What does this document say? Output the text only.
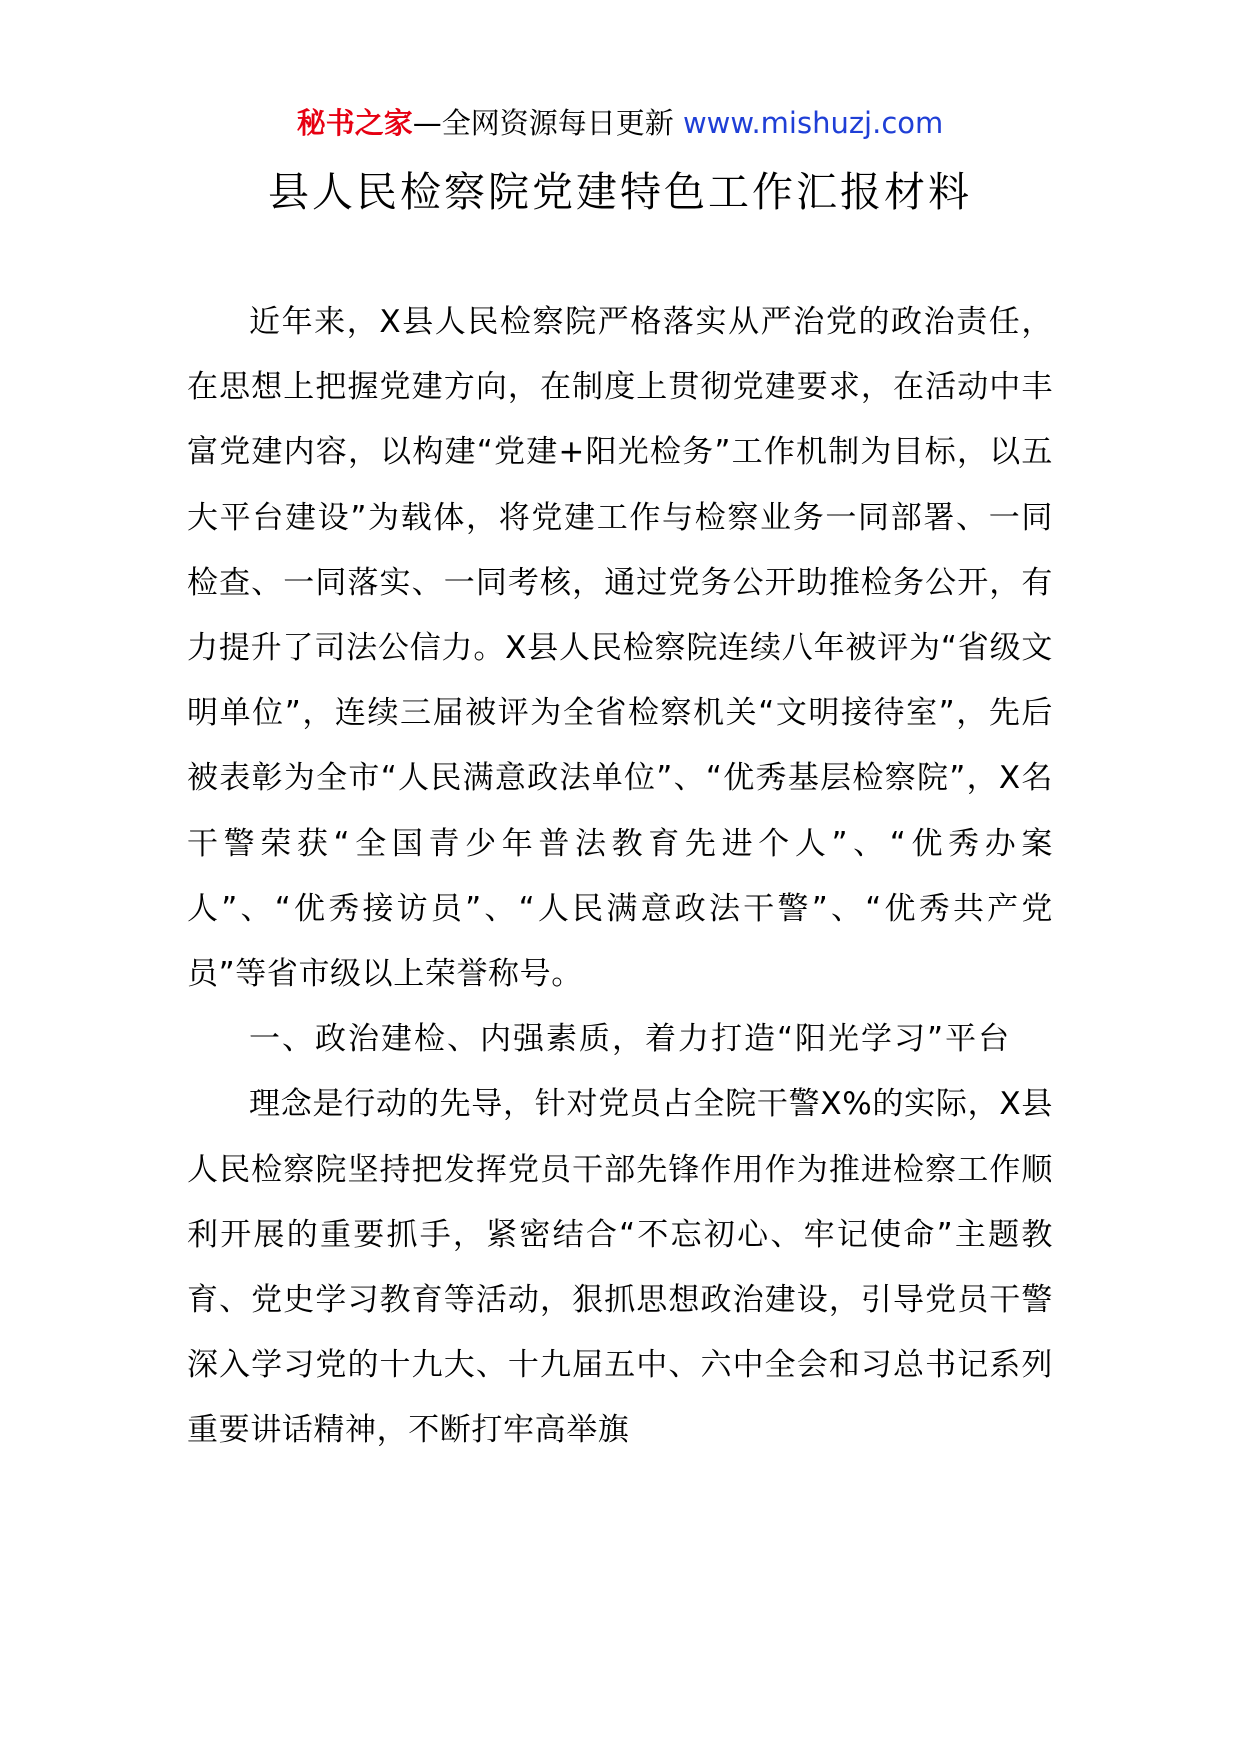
秘书之家—全网资源每日更新 www.mishuzj.com
县人民检察院党建特色工作汇报材料

近年来，X县人民检察院严格落实从严治党的政治责任，在思想上把握党建方向，在制度上贯彻党建要求，在活动中丰富党建内容，以构建“党建+阳光检务”工作机制为目标，以五大平台建设”为载体，将党建工作与检察业务一同部署、一同检查、一同落实、一同考核，通过党务公开助推检务公开，有力提升了司法公信力。X县人民检察院连续八年被评为“省级文明单位”，连续三届被评为全省检察机关“文明接待室”，先后被表彰为全市“人民满意政法单位”、“优秀基层检察院”，X名干警荣获“全国青少年普法教育先进个人”、“优秀办案人”、“优秀接访员”、“人民满意政法干警”、“优秀共产党员”等省市级以上荣誉称号。

一、政治建检、内强素质，着力打造“阳光学习”平台

理念是行动的先导，针对党员占全院干警X%的实际，X县人民检察院坚持把发挥党员干部先锋作用作为推进检察工作顺利开展的重要抓手，紧密结合“不忘初心、牢记使命”主题教育、党史学习教育等活动，狠抓思想政治建设，引导党员干警深入学习党的十九大、十九届五中、六中全会和习总书记系列重要讲话精神，不断打牢高举旗
